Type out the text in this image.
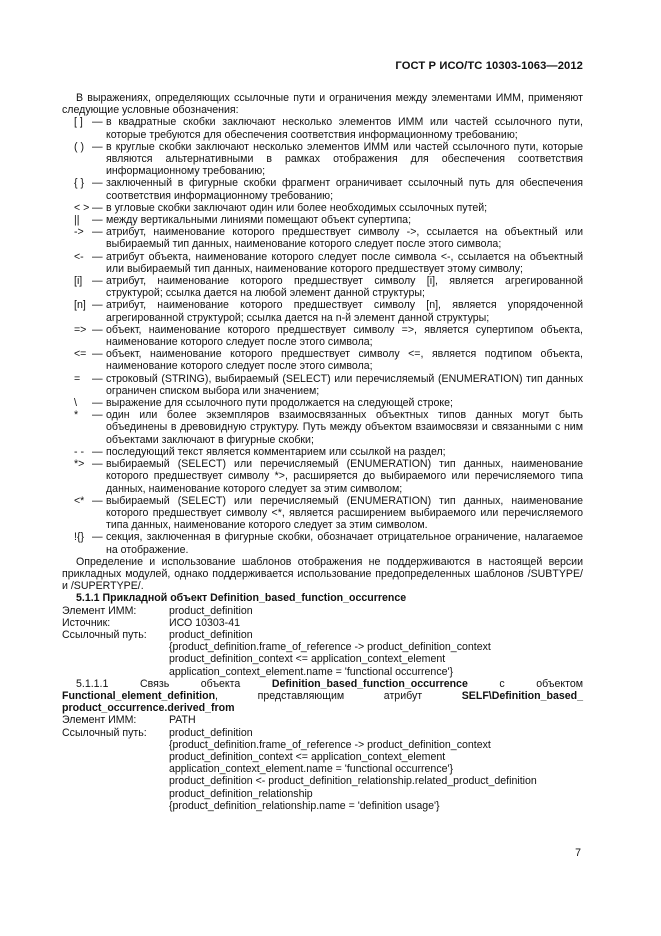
ГОСТ Р ИСО/ТС 10303-1063—2012

В выражениях, определяющих ссылочные пути и ограничения между элементами ИММ, применяют следующие условные обозначения:

[ ] — в квадратные скобки заключают несколько элементов ИММ или частей ссылочного пути, которые требуются для обеспечения соответствия информационному требованию;
( ) — в круглые скобки заключают несколько элементов ИММ или частей ссылочного пути, которые являются альтернативными в рамках отображения для обеспечения соответствия информационному требованию;
{ } — заключенный в фигурные скобки фрагмент ограничивает ссылочный путь для обеспечения соответствия информационному требованию;
< > — в угловые скобки заключают один или более необходимых ссылочных путей;
||	— между вертикальными линиями помещают объект супертипа;
-> — атрибут, наименование которого предшествует символу ->, ссылается на объектный или выбираемый тип данных, наименование которого следует после этого символа;
<- — атрибут объекта, наименование которого следует после символа <-, ссылается на объектный или выбираемый тип данных, наименование которого предшествует этому символу;
[i] — атрибут, наименование которого предшествует символу [i], является агрегированной структурой; ссылка дается на любой элемент данной структуры;
[n] — атрибут, наименование которого предшествует символу [n], является упорядоченной агрегированной структурой; ссылка дается на n-й элемент данной структуры;
=> — объект, наименование которого предшествует символу =>, является супертипом объекта, наименование которого следует после этого символа;
<= — объект, наименование которого предшествует символу <=, является подтипом объекта, наименование которого следует после этого символа;
=	— строковый (STRING), выбираемый (SELECT) или перечисляемый (ENUMERATION) тип данных ограничен списком выбора или значением;
\	— выражение для ссылочного пути продолжается на следующей строке;
*	— один или более экземпляров взаимосвязанных объектных типов данных могут быть объединены в древовидную структуру. Путь между объектом взаимосвязи и связанными с ним объектами заключают в фигурные скобки;
- - — последующий текст является комментарием или ссылкой на раздел;
*> — выбираемый (SELECT) или перечисляемый (ENUMERATION) тип данных, наименование которого предшествует символу *>, расширяется до выбираемого или перечисляемого типа данных, наименование которого следует за этим символом;
<* — выбираемый (SELECT) или перечисляемый (ENUMERATION) тип данных, наименование которого предшествует символу <*, является расширением выбираемого или перечисляемого типа данных, наименование которого следует за этим символом.
!{} — секция, заключенная в фигурные скобки, обозначает отрицательное ограничение, налагаемое на отображение.

Определение и использование шаблонов отображения не поддерживаются в настоящей версии прикладных модулей, однако поддерживается использование предопределенных шаблонов /SUBTYPE/ и /SUPERTYPE/.

5.1.1 Прикладной объект Definition_based_function_occurrence

Элемент ИММ:	product_definition
Источник:	ИСО 10303-41
Ссылочный путь:	product_definition
{product_definition.frame_of_reference -> product_definition_context
product_definition_context <= application_context_element
application_context_element.name = 'functional occurrence'}

5.1.1.1	Связь объекта	Definition_based_function_occurrence	с объектом Functional_element_definition, представляющим атрибут	SELF\Definition_based_ product_occurrence.derived_from

Элемент ИММ:	PATH
Ссылочный путь:	product_definition
{product_definition.frame_of_reference -> product_definition_context
product_definition_context <= application_context_element
application_context_element.name = 'functional occurrence'}
product_definition <- product_definition_relationship.related_product_definition
product_definition_relationship
{product_definition_relationship.name = 'definition usage'}
7
